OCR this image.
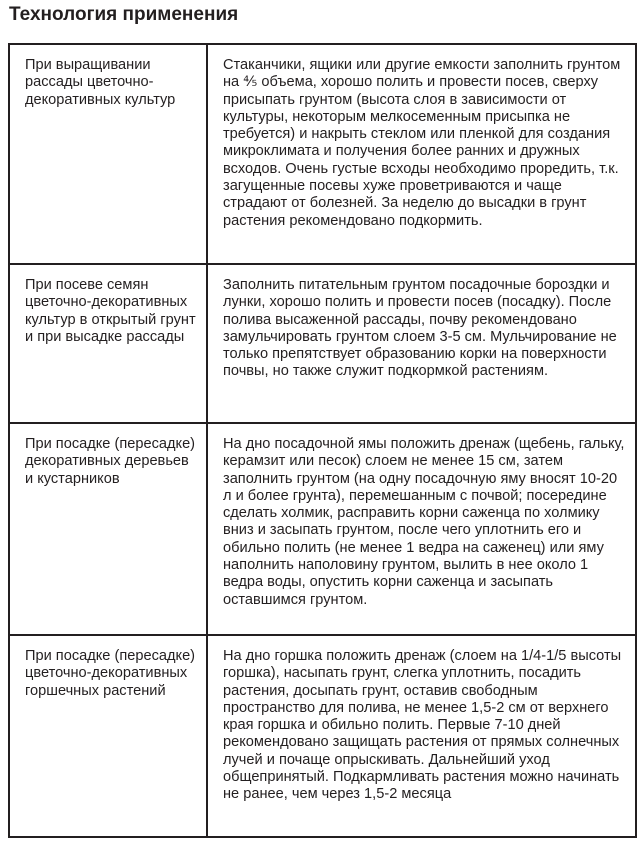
Технология применения
При выращивании рассады цветочно-декоративных культур	Стаканчики, ящики или другие емкости заполнить грунтом на ⅘ объема, хорошо полить и провести посев, сверху присыпать грунтом (высота слоя в зависимости от культуры, некоторым мелкосеменным присыпка не требуется) и накрыть стеклом или пленкой для создания микроклимата и получения более ранних и дружных всходов. Очень густые всходы необходимо проредить, т.к. загущенные посевы хуже проветриваются и чаще страдают от болезней. За неделю до высадки в грунт растения рекомендовано подкормить.

При посеве семян цветочно-декоративных культур в открытый грунт и при высадке рассады	Заполнить питательным грунтом посадочные бороздки и лунки, хорошо полить и провести посев (посадку). После полива высаженной рассады, почву рекомендовано замульчировать грунтом слоем 3-5 см. Мульчирование не только препятствует образованию корки на поверхности почвы, но также служит подкормкой растениям.

При посадке (пересадке) декоративных деревьев и кустарников	На дно посадочной ямы положить дренаж (щебень, гальку, керамзит или песок) слоем не менее 15 см, затем заполнить грунтом (на одну посадочную яму вносят 10-20 л и более грунта), перемешанным с почвой; посередине сделать холмик, расправить корни саженца по холмику вниз и засыпать грунтом, после чего уплотнить его и обильно полить (не менее 1 ведра на саженец) или яму наполнить наполовину грунтом, вылить в нее около 1 ведра воды, опустить корни саженца и засыпать оставшимся грунтом.

При посадке (пересадке) цветочно-декоративных горшечных растений	На дно горшка положить дренаж (слоем на 1/4-1/5 высоты горшка), насыпать грунт, слегка уплотнить, посадить растения, досыпать грунт, оставив свободным пространство для полива, не менее 1,5-2 см от верхнего края горшка и обильно полить. Первые 7-10 дней рекомендовано защищать растения от прямых солнечных лучей и почаще опрыскивать. Дальнейший уход общепринятый. Подкармливать растения можно начинать не ранее, чем через 1,5-2 месяца
